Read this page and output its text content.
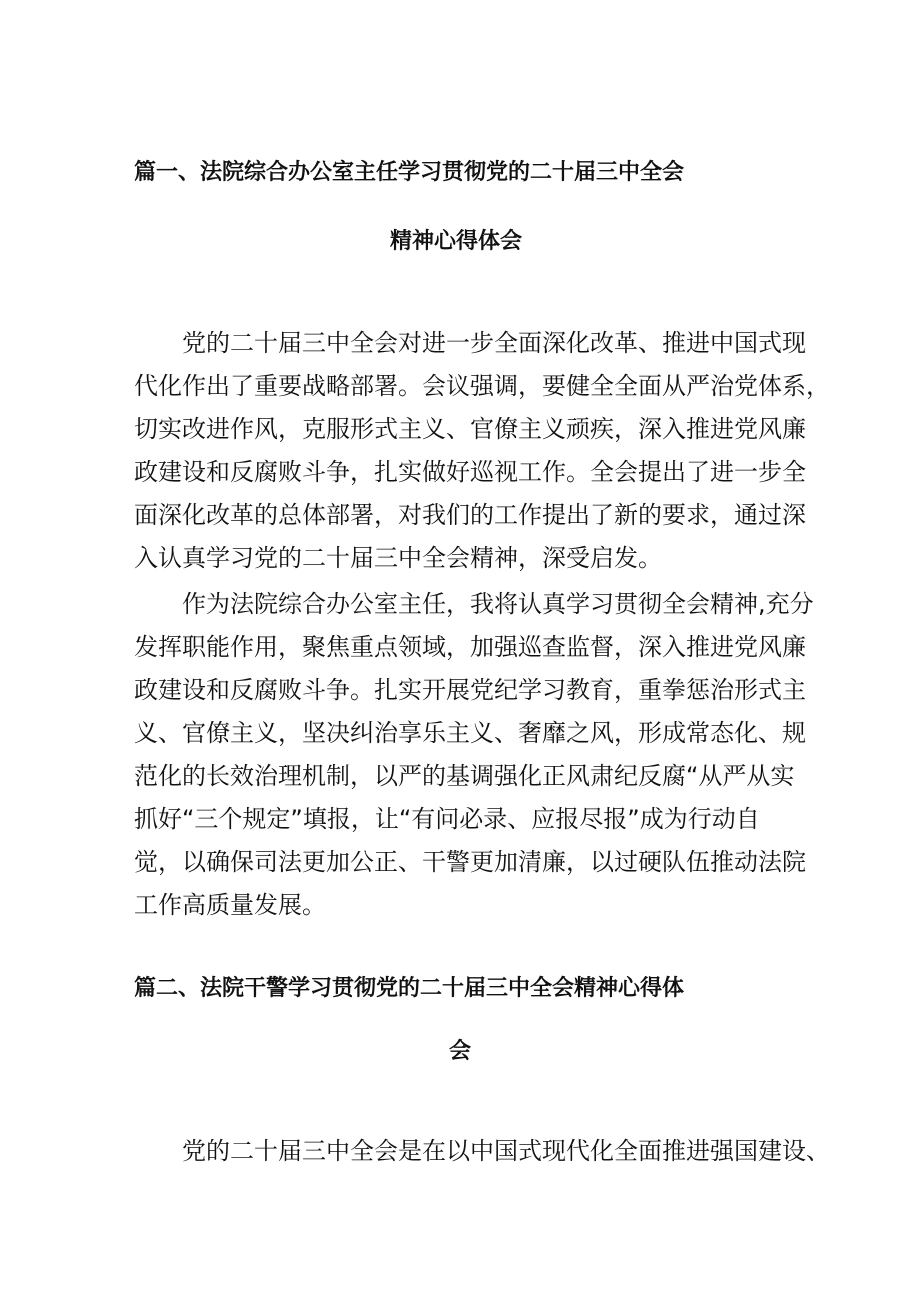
篇一、法院综合办公室主任学习贯彻党的二十届三中全会
精神心得体会

党的二十届三中全会对进一步全面深化改革、推进中国式现

代化作出了重要战略部署。会议强调，要健全全面从严治党体系，

切实改进作风，克服形式主义、官僚主义顽疾，深入推进党风廉

政建设和反腐败斗争，扎实做好巡视工作。全会提出了进一步全

面深化改革的总体部署，对我们的工作提出了新的要求，通过深

入认真学习党的二十届三中全会精神，深受启发。

作为法院综合办公室主任，我将认真学习贯彻全会精神,充分

发挥职能作用，聚焦重点领域，加强巡查监督，深入推进党风廉

政建设和反腐败斗争。扎实开展党纪学习教育，重拳惩治形式主

义、官僚主义，坚决纠治享乐主义、奢靡之风，形成常态化、规

范化的长效治理机制，以严的基调强化正风肃纪反腐“从严从实

抓好“三个规定”填报，让“有问必录、应报尽报”成为行动自

觉，以确保司法更加公正、干警更加清廉，以过硬队伍推动法院

工作高质量发展。

篇二、法院干警学习贯彻党的二十届三中全会精神心得体
会

党的二十届三中全会是在以中国式现代化全面推进强国建设、
